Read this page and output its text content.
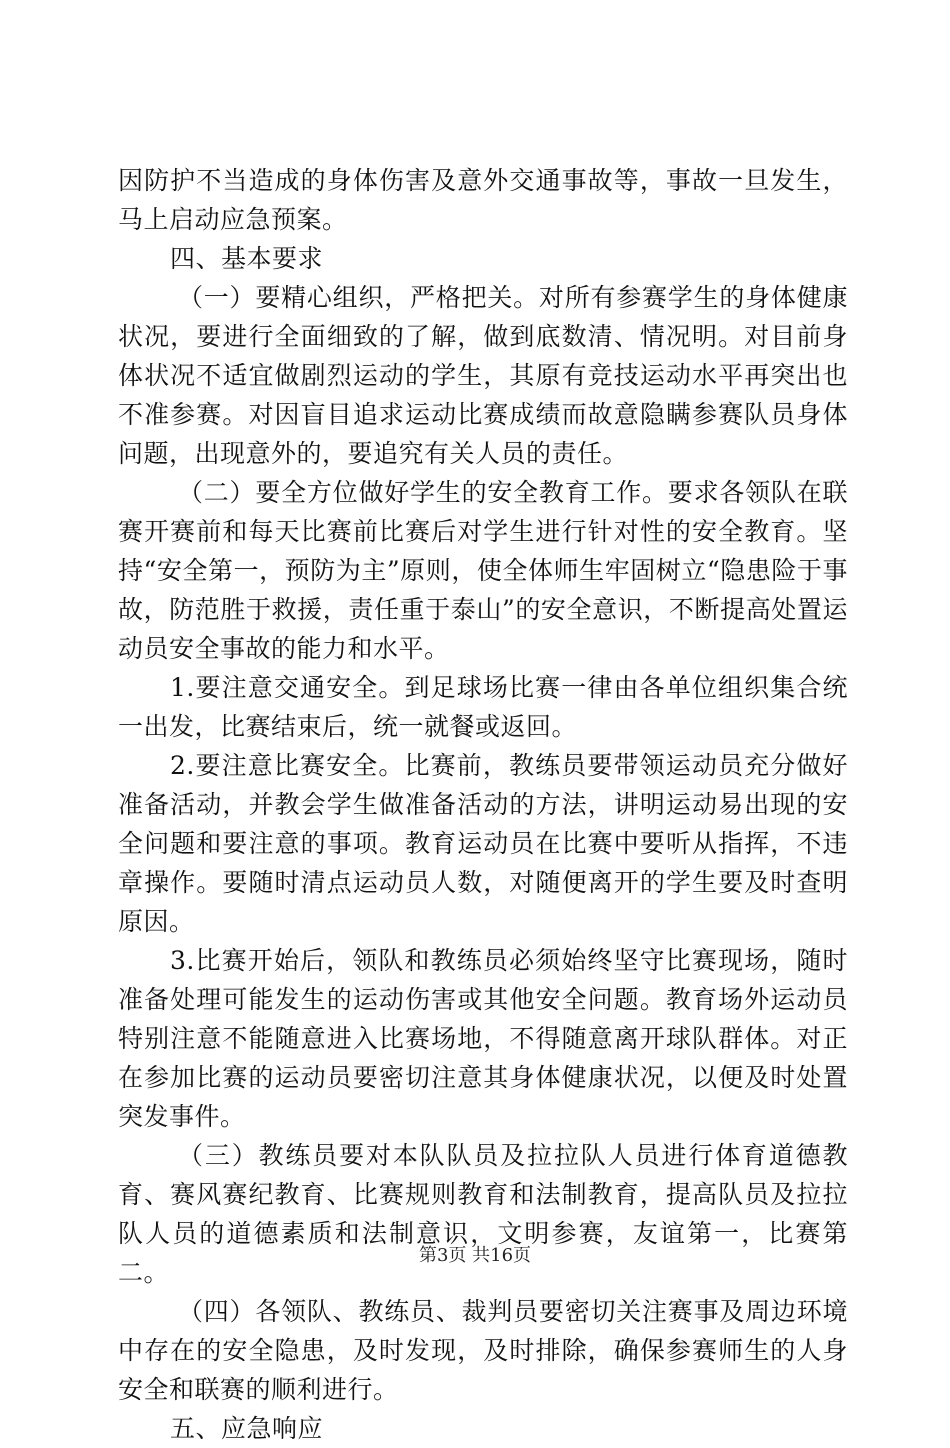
因防护不当造成的身体伤害及意外交通事故等，事故一旦发生，马上启动应急预案。

四、基本要求

（一）要精心组织，严格把关。对所有参赛学生的身体健康状况，要进行全面细致的了解，做到底数清、情况明。对目前身体状况不适宜做剧烈运动的学生，其原有竞技运动水平再突出也不准参赛。对因盲目追求运动比赛成绩而故意隐瞒参赛队员身体问题，出现意外的，要追究有关人员的责任。

（二）要全方位做好学生的安全教育工作。要求各领队在联赛开赛前和每天比赛前比赛后对学生进行针对性的安全教育。坚持“安全第一，预防为主”原则，使全体师生牢固树立“隐患险于事故，防范胜于救援，责任重于泰山”的安全意识，不断提高处置运动员安全事故的能力和水平。

1.要注意交通安全。到足球场比赛一律由各单位组织集合统一出发，比赛结束后，统一就餐或返回。

2.要注意比赛安全。比赛前，教练员要带领运动员充分做好准备活动，并教会学生做准备活动的方法，讲明运动易出现的安全问题和要注意的事项。教育运动员在比赛中要听从指挥，不违章操作。要随时清点运动员人数，对随便离开的学生要及时查明原因。

3.比赛开始后，领队和教练员必须始终坚守比赛现场，随时准备处理可能发生的运动伤害或其他安全问题。教育场外运动员特别注意不能随意进入比赛场地，不得随意离开球队群体。对正在参加比赛的运动员要密切注意其身体健康状况，以便及时处置突发事件。

（三）教练员要对本队队员及拉拉队人员进行体育道德教育、赛风赛纪教育、比赛规则教育和法制教育，提高队员及拉拉队人员的道德素质和法制意识，文明参赛，友谊第一，比赛第二。

（四）各领队、教练员、裁判员要密切关注赛事及周边环境中存在的安全隐患，及时发现，及时排除，确保参赛师生的人身安全和联赛的顺利进行。

五、应急响应

第3页 共16页
